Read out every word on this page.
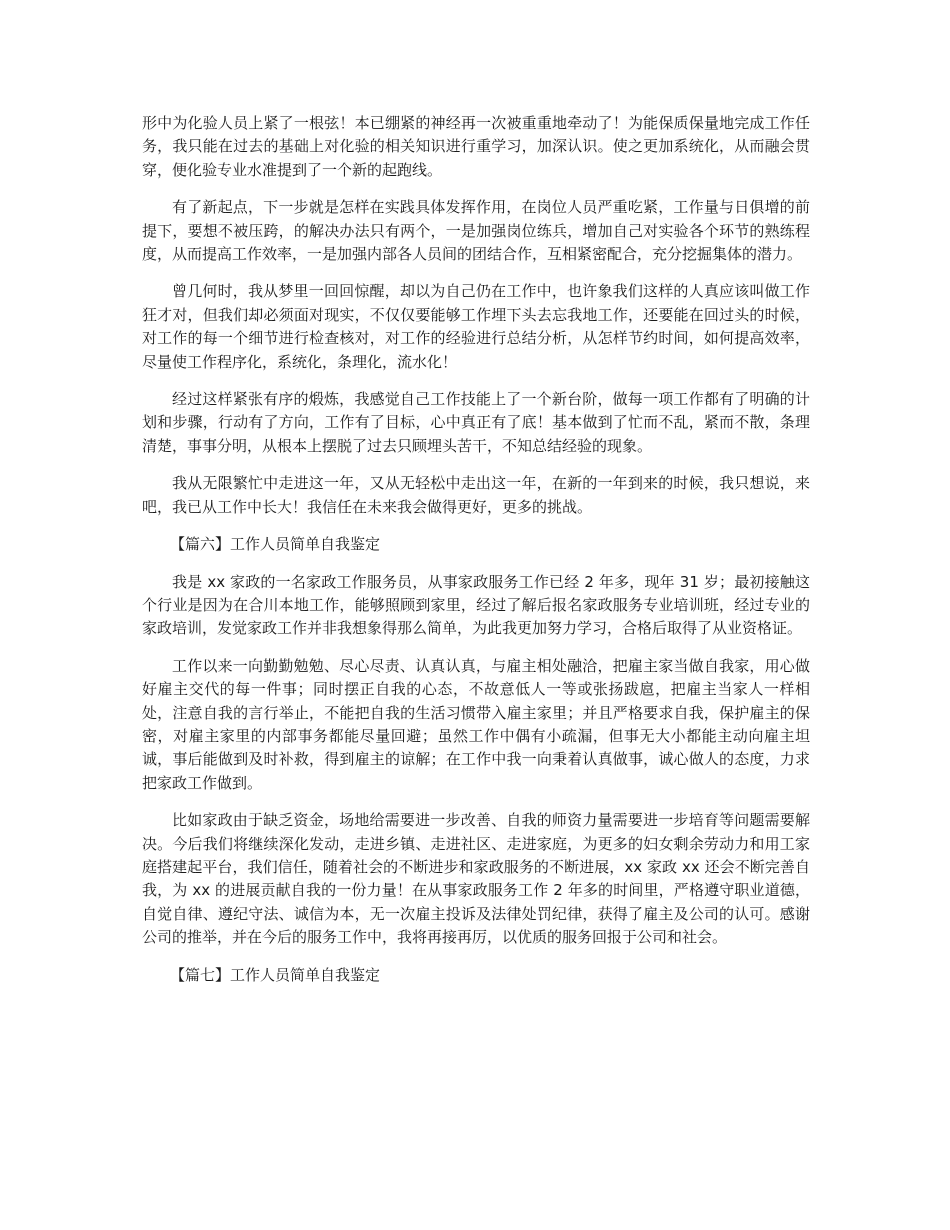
形中为化验人员上紧了一根弦！本已绷紧的神经再一次被重重地牵动了！为能保质保量地完成工作任务，我只能在过去的基础上对化验的相关知识进行重学习，加深认识。使之更加系统化，从而融会贯穿，便化验专业水准提到了一个新的起跑线。

有了新起点，下一步就是怎样在实践具体发挥作用，在岗位人员严重吃紧，工作量与日俱增的前提下，要想不被压跨，的解决办法只有两个，一是加强岗位练兵，增加自己对实验各个环节的熟练程度，从而提高工作效率，一是加强内部各人员间的团结合作，互相紧密配合，充分挖掘集体的潜力。

曾几何时，我从梦里一回回惊醒，却以为自己仍在工作中，也许象我们这样的人真应该叫做工作狂才对，但我们却必须面对现实，不仅仅要能够工作埋下头去忘我地工作，还要能在回过头的时候，对工作的每一个细节进行检查核对，对工作的经验进行总结分析，从怎样节约时间，如何提高效率，尽量使工作程序化，系统化，条理化，流水化！

经过这样紧张有序的煅炼，我感觉自己工作技能上了一个新台阶，做每一项工作都有了明确的计划和步骤，行动有了方向，工作有了目标，心中真正有了底！基本做到了忙而不乱，紧而不散，条理清楚，事事分明，从根本上摆脱了过去只顾埋头苦干，不知总结经验的现象。

我从无限繁忙中走进这一年，又从无轻松中走出这一年，在新的一年到来的时候，我只想说，来吧，我已从工作中长大！我信任在未来我会做得更好，更多的挑战。

【篇六】工作人员简单自我鉴定

我是 xx 家政的一名家政工作服务员，从事家政服务工作已经 2 年多，现年 31 岁；最初接触这个行业是因为在合川本地工作，能够照顾到家里，经过了解后报名家政服务专业培训班，经过专业的家政培训，发觉家政工作并非我想象得那么简单，为此我更加努力学习，合格后取得了从业资格证。

工作以来一向勤勤勉勉、尽心尽责、认真认真，与雇主相处融洽，把雇主家当做自我家，用心做好雇主交代的每一件事；同时摆正自我的心态，不故意低人一等或张扬跋扈，把雇主当家人一样相处，注意自我的言行举止，不能把自我的生活习惯带入雇主家里；并且严格要求自我，保护雇主的保密，对雇主家里的内部事务都能尽量回避；虽然工作中偶有小疏漏，但事无大小都能主动向雇主坦诚，事后能做到及时补救，得到雇主的谅解；在工作中我一向秉着认真做事，诚心做人的态度，力求把家政工作做到。

比如家政由于缺乏资金，场地给需要进一步改善、自我的师资力量需要进一步培育等问题需要解决。今后我们将继续深化发动，走进乡镇、走进社区、走进家庭，为更多的妇女剩余劳动力和用工家庭搭建起平台，我们信任，随着社会的不断进步和家政服务的不断进展，xx 家政 xx 还会不断完善自我，为 xx 的进展贡献自我的一份力量！在从事家政服务工作 2 年多的时间里，严格遵守职业道德，自觉自律、遵纪守法、诚信为本，无一次雇主投诉及法律处罚纪律，获得了雇主及公司的认可。感谢公司的推举，并在今后的服务工作中，我将再接再厉，以优质的服务回报于公司和社会。

【篇七】工作人员简单自我鉴定
